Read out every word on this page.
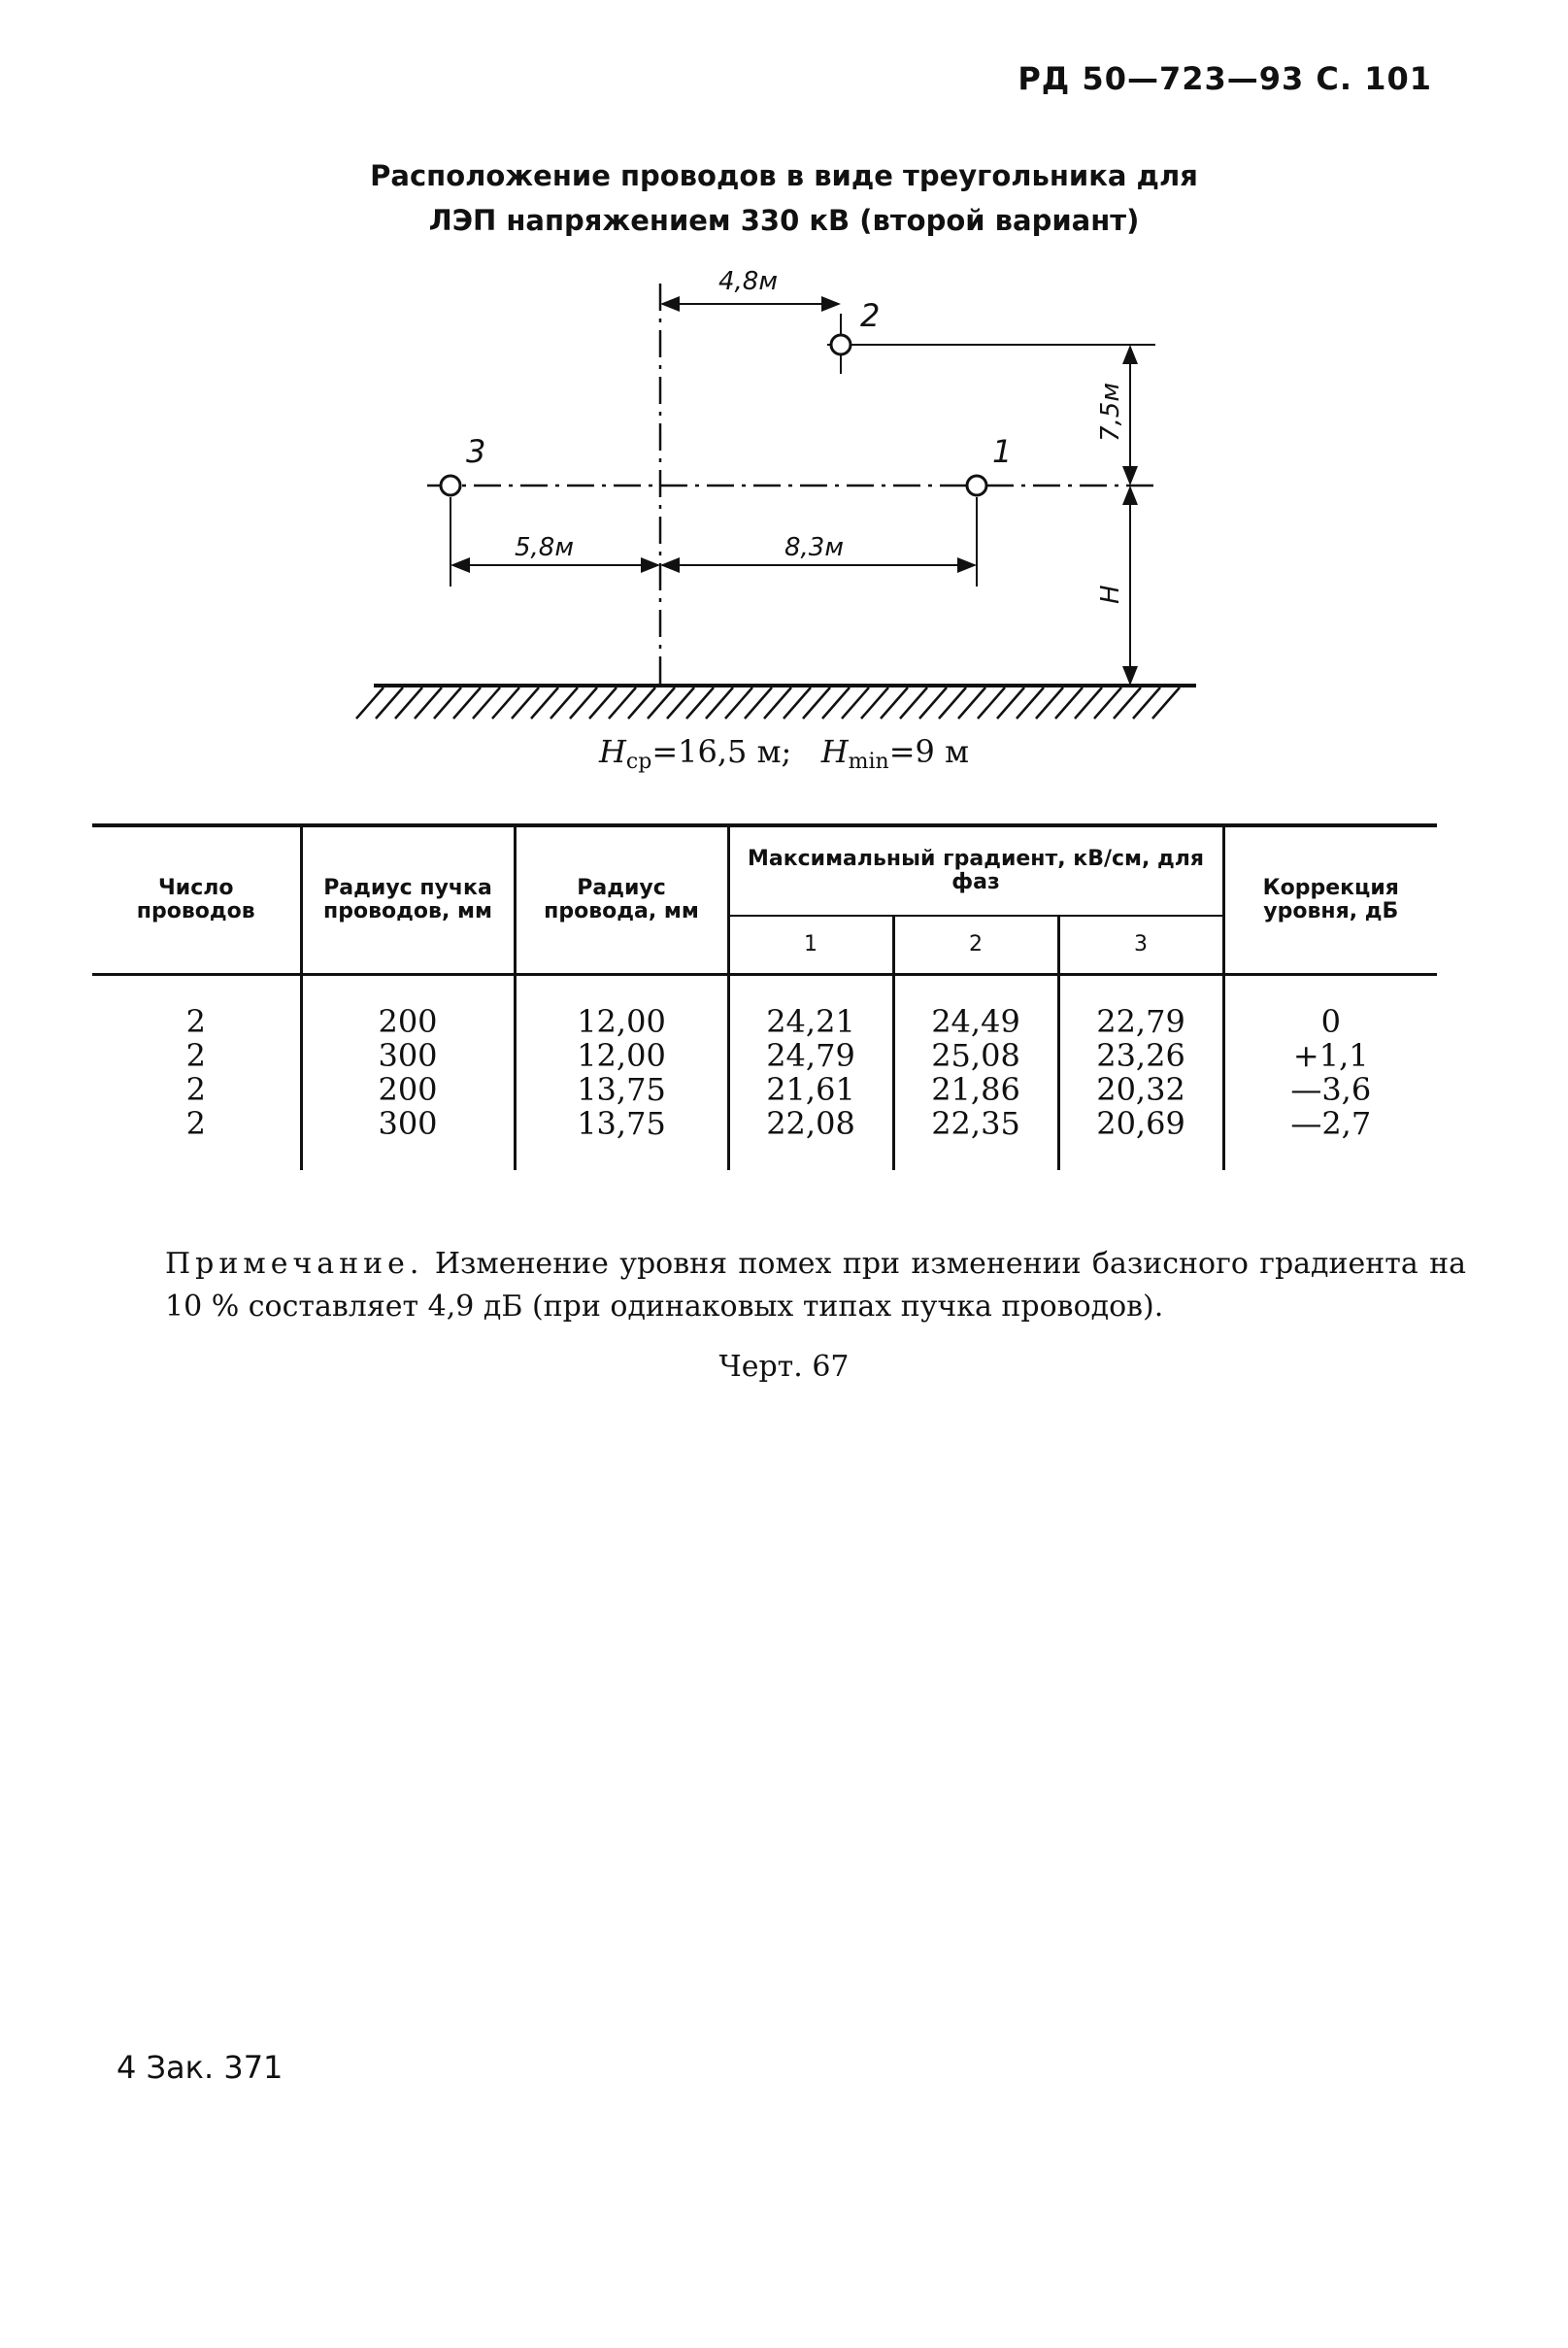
РД 50—723—93 С. 101
Расположение проводов в виде треугольника для
ЛЭП напряжением 330 кВ (второй вариант)
2
3	1
4,8м
5,8м	8,3м
7,5м
H
$H_{ср}=16,5$ м; $H_{min}=9$ м
Число проводов	Радиус пучка проводов, мм	Радиус провода, мм	Максимальный градиент, кВ/см, для фаз			Коррекция уровня, дБ
			1	2	3	
2	200	12,00	24,21	24,49	22,79	0
2	300	12,00	24,79	25,08	23,26	+1,1
2	200	13,75	21,61	21,86	20,32	—3,6
2	300	13,75	22,08	22,35	20,69	—2,7
Примечание. Изменение уровня помех при изменении базисного градиента на 10 % составляет 4,9 дБ (при одинаковых типах пучка проводов).
Черт. 67
4 Зак. 371
